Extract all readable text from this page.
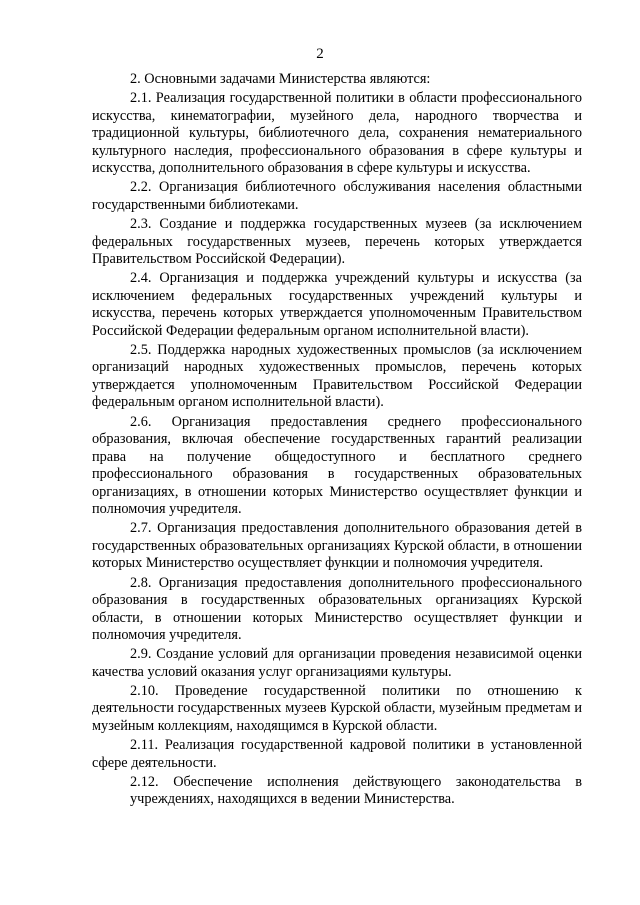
2

2. Основными задачами Министерства являются:

2.1. Реализация государственной политики в области профессионального искусства, кинематографии, музейного дела, народного творчества и традиционной культуры, библиотечного дела, сохранения нематериального культурного наследия, профессионального образования в сфере культуры и искусства, дополнительного образования в сфере культуры и искусства.

2.2. Организация библиотечного обслуживания населения областными государственными библиотеками.

2.3. Создание и поддержка государственных музеев (за исключением федеральных государственных музеев, перечень которых утверждается Правительством Российской Федерации).

2.4. Организация и поддержка учреждений культуры и искусства (за исключением федеральных государственных учреждений культуры и искусства, перечень которых утверждается уполномоченным Правительством Российской Федерации федеральным органом исполнительной власти).

2.5. Поддержка народных художественных промыслов (за исключением организаций народных художественных промыслов, перечень которых утверждается уполномоченным Правительством Российской Федерации федеральным органом исполнительной власти).

2.6. Организация предоставления среднего профессионального образования, включая обеспечение государственных гарантий реализации права на получение общедоступного и бесплатного среднего профессионального образования в государственных образовательных организациях, в отношении которых Министерство осуществляет функции и полномочия учредителя.

2.7. Организация предоставления дополнительного образования детей в государственных образовательных организациях Курской области, в отношении которых Министерство осуществляет функции и полномочия учредителя.

2.8. Организация предоставления дополнительного профессионального образования в государственных образовательных организациях Курской области, в отношении которых Министерство осуществляет функции и полномочия учредителя.

2.9. Создание условий для организации проведения независимой оценки качества условий оказания услуг организациями культуры.

2.10. Проведение государственной политики по отношению к деятельности государственных музеев Курской области, музейным предметам и музейным коллекциям, находящимся в Курской области.

2.11. Реализация государственной кадровой политики в установленной сфере деятельности.

2.12. Обеспечение исполнения действующего законодательства в учреждениях, находящихся в ведении Министерства.
